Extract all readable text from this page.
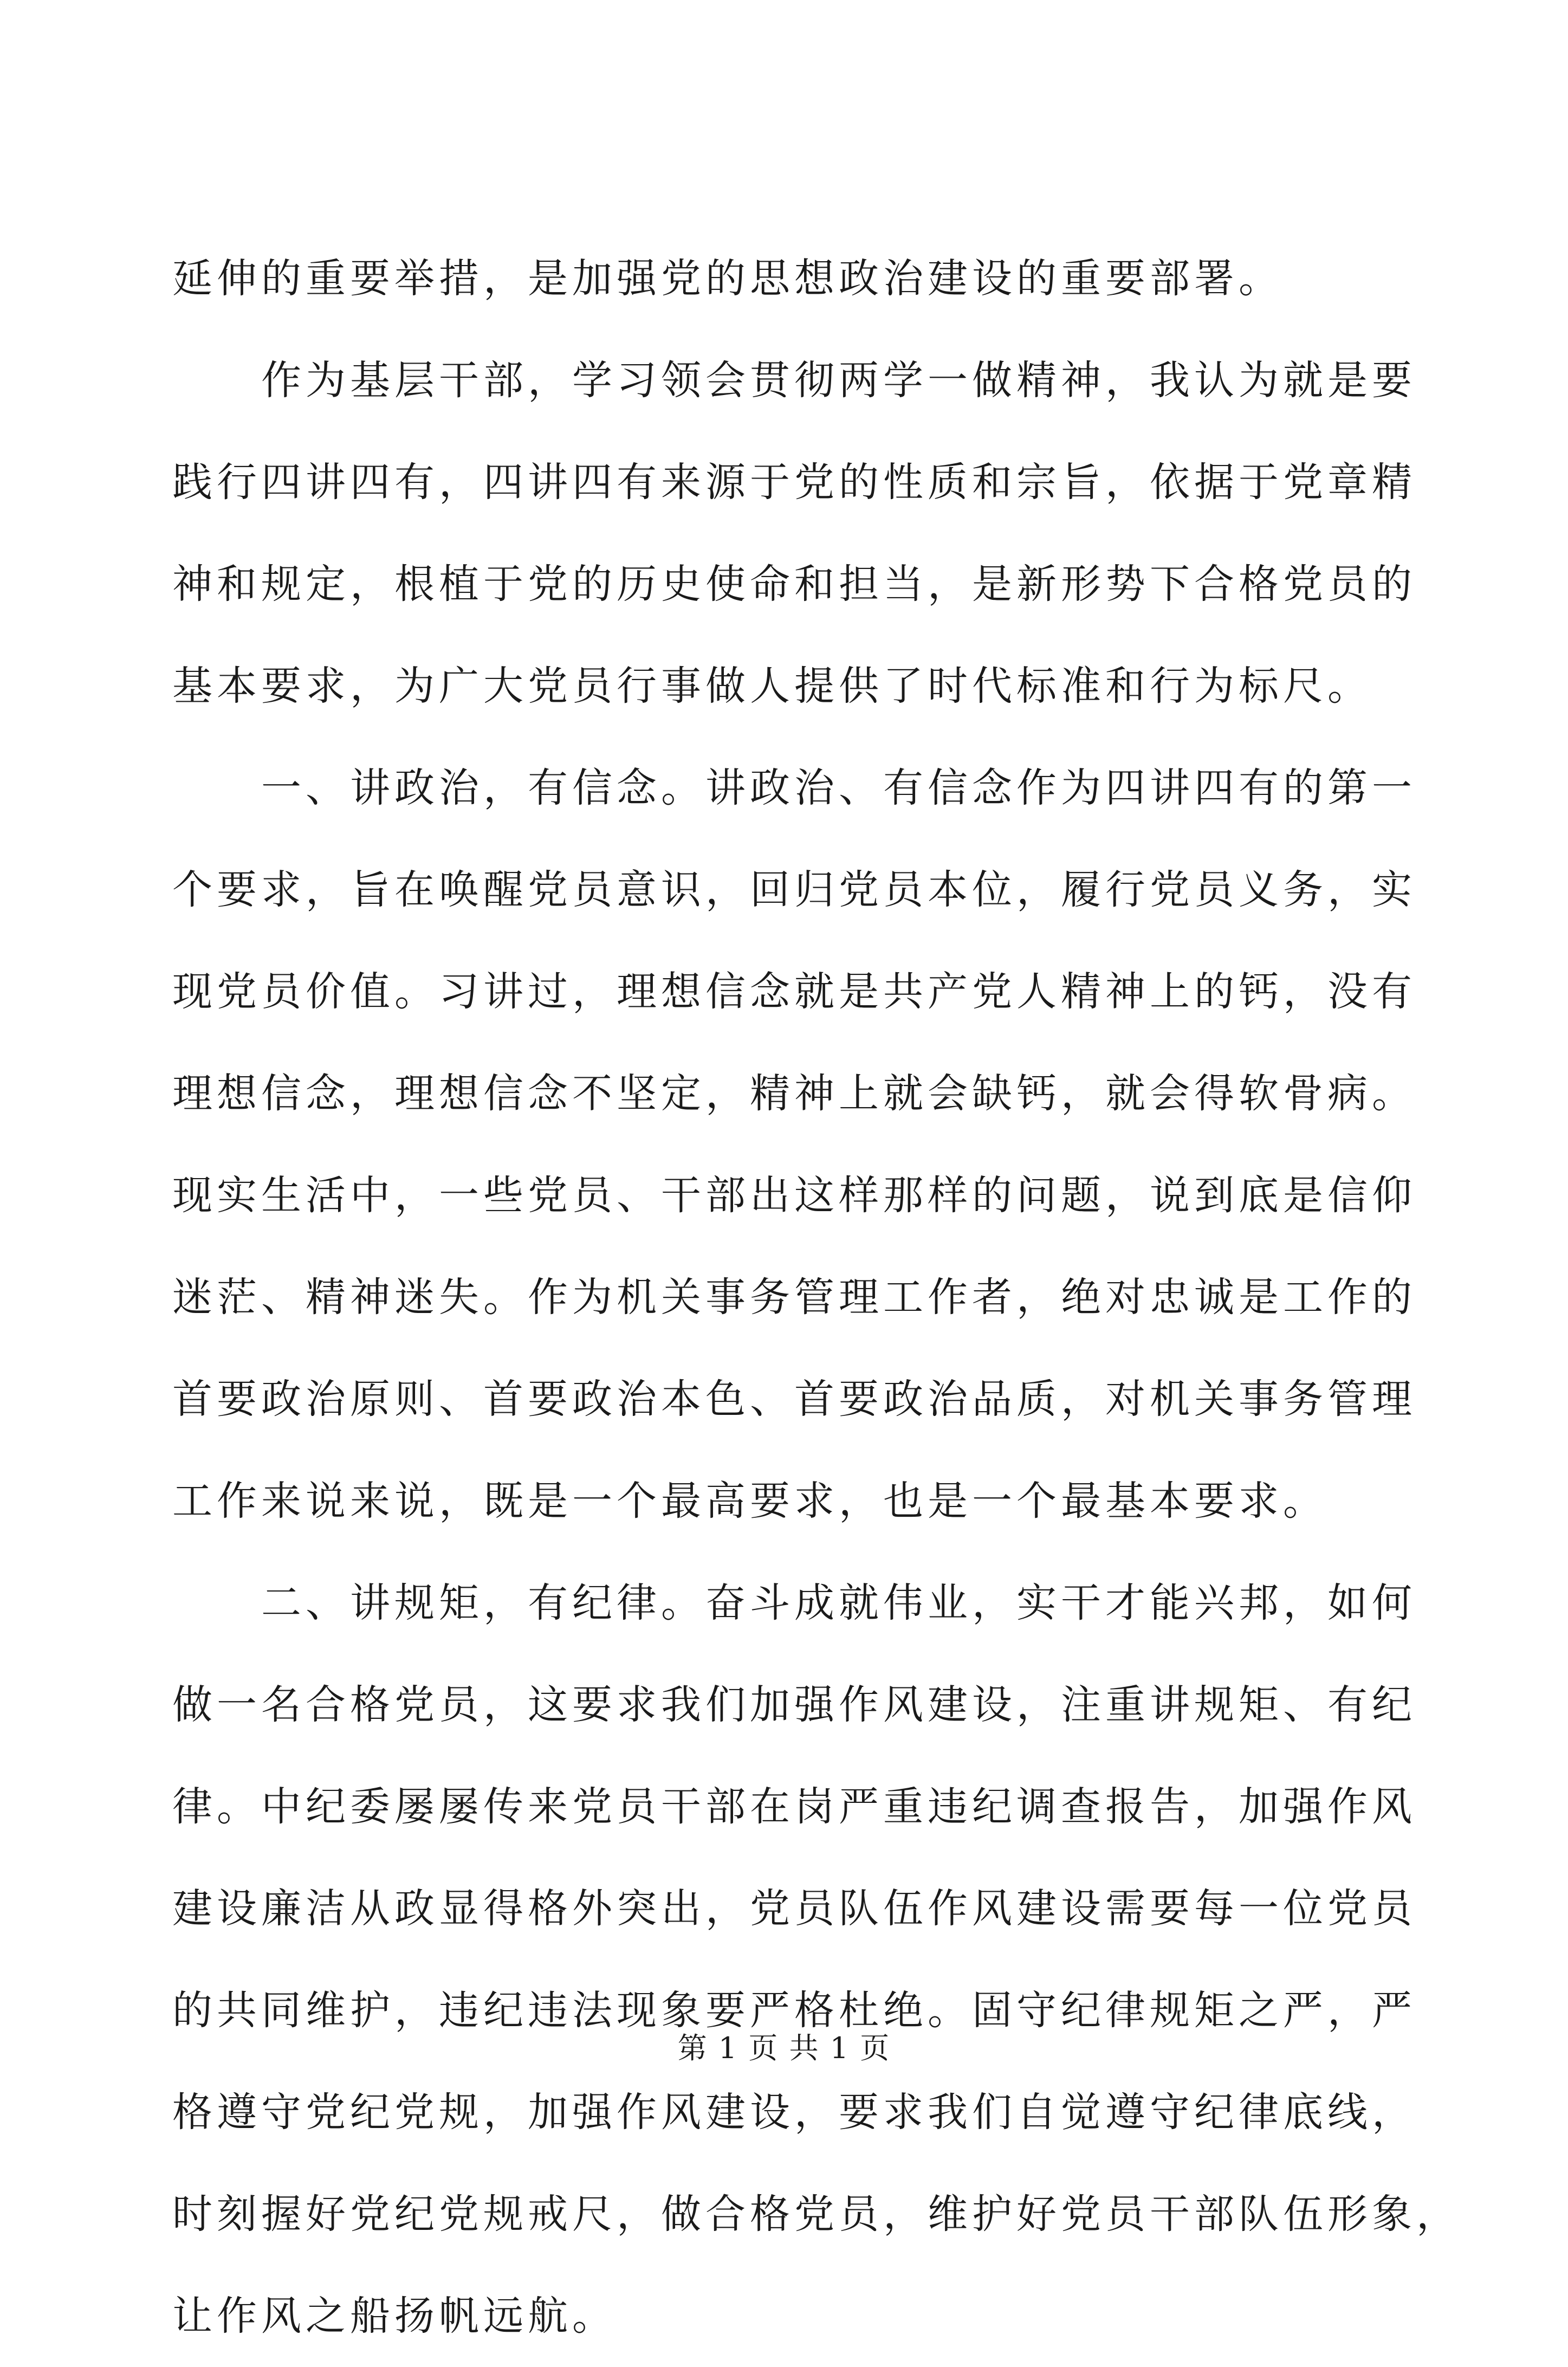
延伸的重要举措，是加强党的思想政治建设的重要部署。
　　作为基层干部，学习领会贯彻两学一做精神，我认为就是要
践行四讲四有，四讲四有来源于党的性质和宗旨，依据于党章精
神和规定，根植于党的历史使命和担当，是新形势下合格党员的
基本要求，为广大党员行事做人提供了时代标准和行为标尺。
　　一、讲政治，有信念。讲政治、有信念作为四讲四有的第一
个要求，旨在唤醒党员意识，回归党员本位，履行党员义务，实
现党员价值。习讲过，理想信念就是共产党人精神上的钙，没有
理想信念，理想信念不坚定，精神上就会缺钙，就会得软骨病。
现实生活中，一些党员、干部出这样那样的问题，说到底是信仰
迷茫、精神迷失。作为机关事务管理工作者，绝对忠诚是工作的
首要政治原则、首要政治本色、首要政治品质，对机关事务管理
工作来说来说，既是一个最高要求，也是一个最基本要求。
　　二、讲规矩，有纪律。奋斗成就伟业，实干才能兴邦，如何
做一名合格党员，这要求我们加强作风建设，注重讲规矩、有纪
律。中纪委屡屡传来党员干部在岗严重违纪调查报告，加强作风
建设廉洁从政显得格外突出，党员队伍作风建设需要每一位党员
的共同维护，违纪违法现象要严格杜绝。固守纪律规矩之严，严
格遵守党纪党规，加强作风建设，要求我们自觉遵守纪律底线，
时刻握好党纪党规戒尺，做合格党员，维护好党员干部队伍形象，
让作风之船扬帆远航。
第 1 页 共 1 页
